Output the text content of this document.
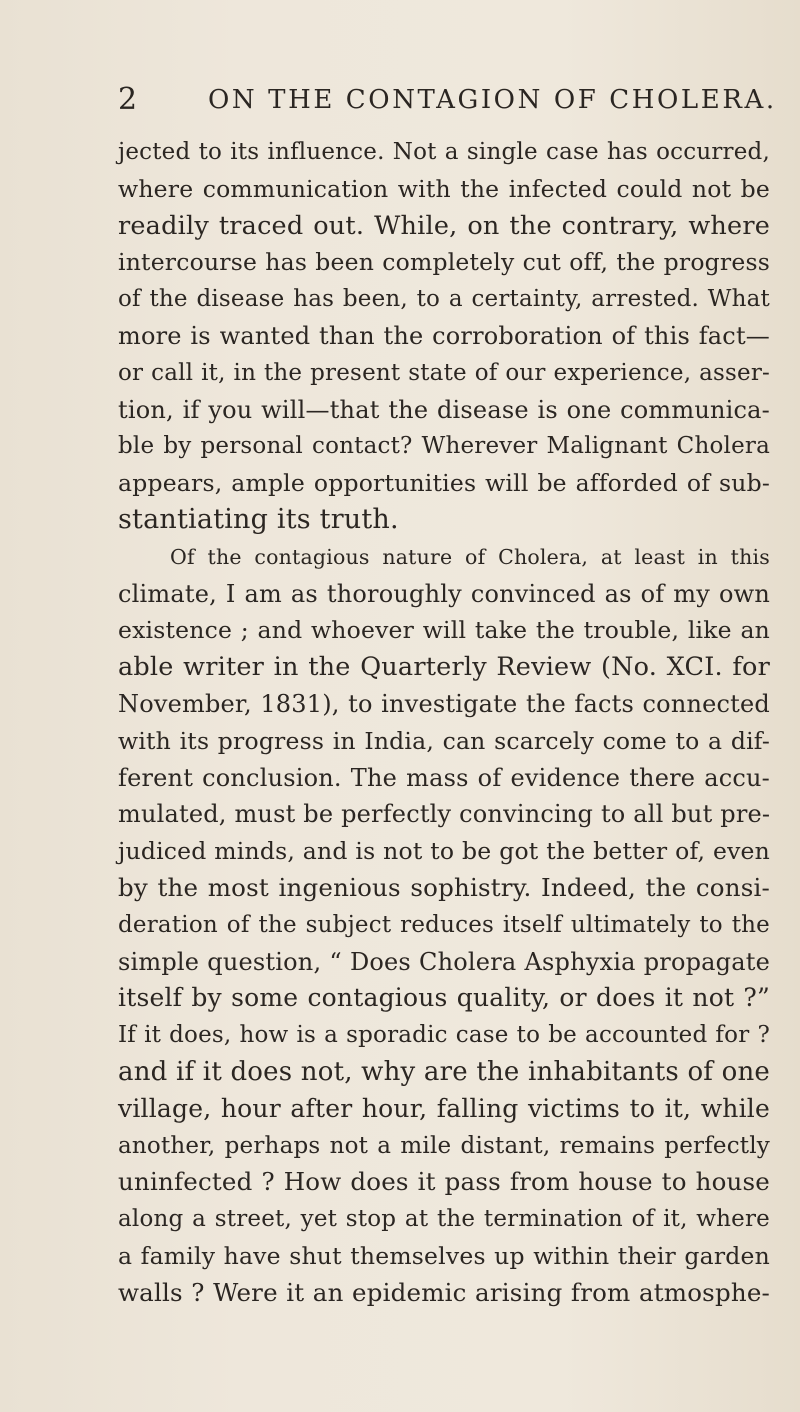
2	ON THE CONTAGION OF CHOLERA.
jected to its influence. Not a single case has occurred,
where communication with the infected could not be
readily traced out. While, on the contrary, where
intercourse has been completely cut off, the progress
of the disease has been, to a certainty, arrested. What
more is wanted than the corroboration of this fact—
or call it, in the present state of our experience, asser-
tion, if you will—that the disease is one communica-
ble by personal contact? Wherever Malignant Cholera
appears, ample opportunities will be afforded of sub-
stantiating its truth.
Of the contagious nature of Cholera, at least in this
climate, I am as thoroughly convinced as of my own
existence ; and whoever will take the trouble, like an
able writer in the Quarterly Review (No. XCI. for
November, 1831), to investigate the facts connected
with its progress in India, can scarcely come to a dif-
ferent conclusion. The mass of evidence there accu-
mulated, must be perfectly convincing to all but pre-
judiced minds, and is not to be got the better of, even
by the most ingenious sophistry. Indeed, the consi-
deration of the subject reduces itself ultimately to the
simple question, “ Does Cholera Asphyxia propagate
itself by some contagious quality, or does it not ?”
If it does, how is a sporadic case to be accounted for ?
and if it does not, why are the inhabitants of one
village, hour after hour, falling victims to it, while
another, perhaps not a mile distant, remains perfectly
uninfected ? How does it pass from house to house
along a street, yet stop at the termination of it, where
a family have shut themselves up within their garden
walls ? Were it an epidemic arising from atmosphe-
